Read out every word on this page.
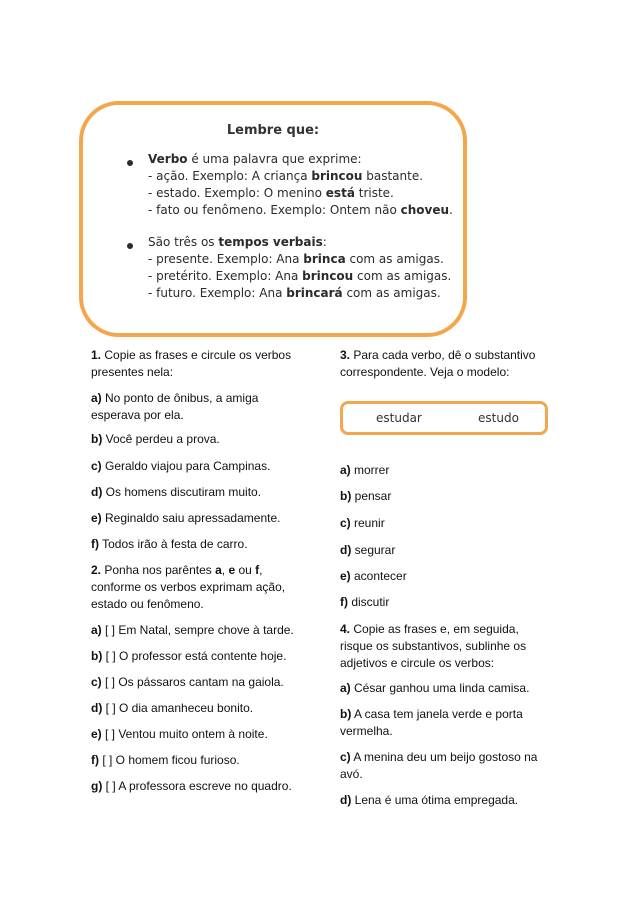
Lembre que:
Verbo é uma palavra que exprime:
- ação. Exemplo: A criança brincou bastante.
- estado. Exemplo: O menino está triste.
- fato ou fenômeno. Exemplo: Ontem não choveu.
São três os tempos verbais:
- presente. Exemplo: Ana brinca com as amigas.
- pretérito. Exemplo: Ana brincou com as amigas.
- futuro. Exemplo: Ana brincará com as amigas.
1. Copie as frases e circule os verbos
presentes nela:
a) No ponto de ônibus, a amiga
esperava por ela.
b) Você perdeu a prova.
c) Geraldo viajou para Campinas.
d) Os homens discutiram muito.
e) Reginaldo saiu apressadamente.
f) Todos irão à festa de carro.
2. Ponha nos parêntes a, e ou f,
conforme os verbos exprimam ação,
estado ou fenômeno.
a) [ ] Em Natal, sempre chove à tarde.
b) [ ] O professor está contente hoje.
c) [ ] Os pássaros cantam na gaiola.
d) [ ] O dia amanheceu bonito.
e) [ ] Ventou muito ontem à noite.
f) [ ] O homem ficou furioso.
g) [ ] A professora escreve no quadro.
3. Para cada verbo, dê o substantivo
correspondente. Veja o modelo:
estudar	estudo
a) morrer
b) pensar
c) reunir
d) segurar
e) acontecer
f) discutir
4. Copie as frases e, em seguida,
risque os substantivos, sublinhe os
adjetivos e circule os verbos:
a) César ganhou uma linda camisa.
b) A casa tem janela verde e porta
vermelha.
c) A menina deu um beijo gostoso na
avó.
d) Lena é uma ótima empregada.
